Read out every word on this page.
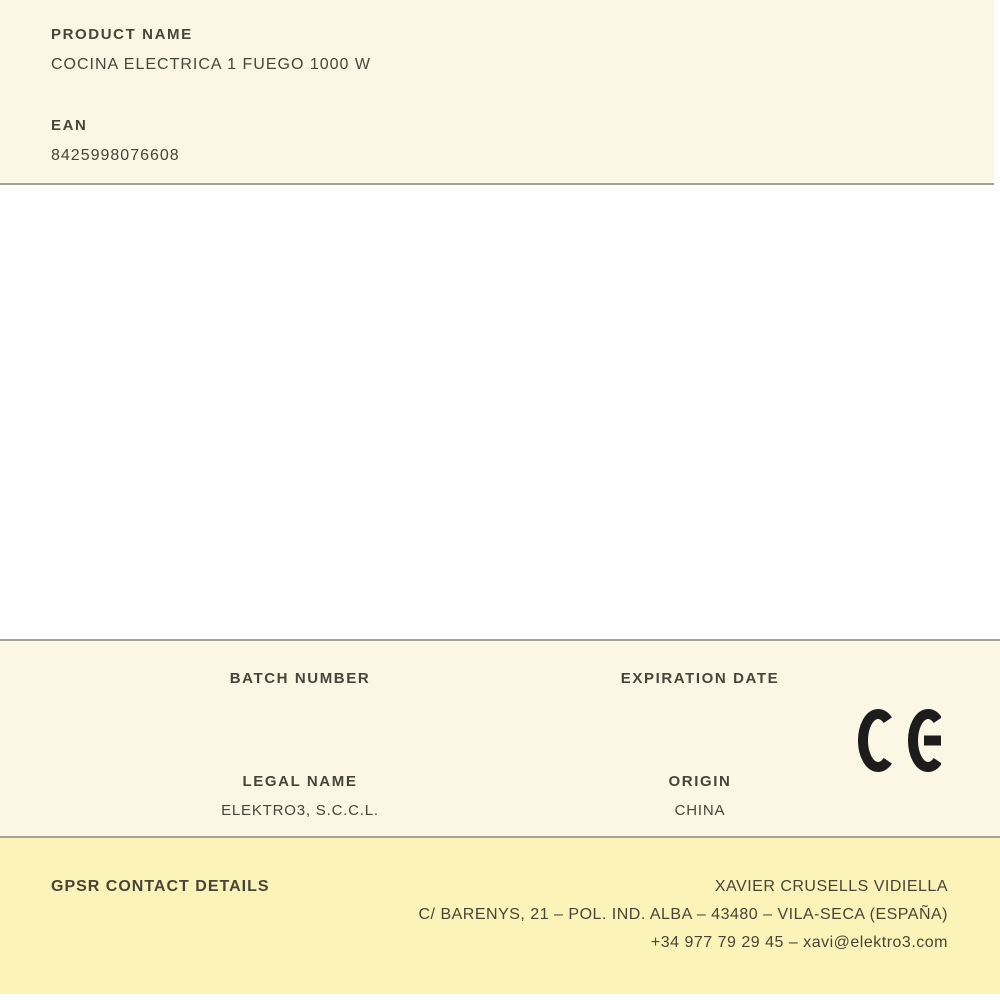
PRODUCT NAME
COCINA ELECTRICA 1 FUEGO 1000 W
EAN
8425998076608
BATCH NUMBER	EXPIRATION DATE
LEGAL NAME
ELEKTRO3, S.C.C.L.
ORIGIN
CHINA
GPSR CONTACT DETAILS	XAVIER CRUSELLS VIDIELLA
C/ BARENYS, 21 – POL. IND. ALBA – 43480 – VILA-SECA (ESPAÑA)
+34 977 79 29 45 – xavi@elektro3.com
